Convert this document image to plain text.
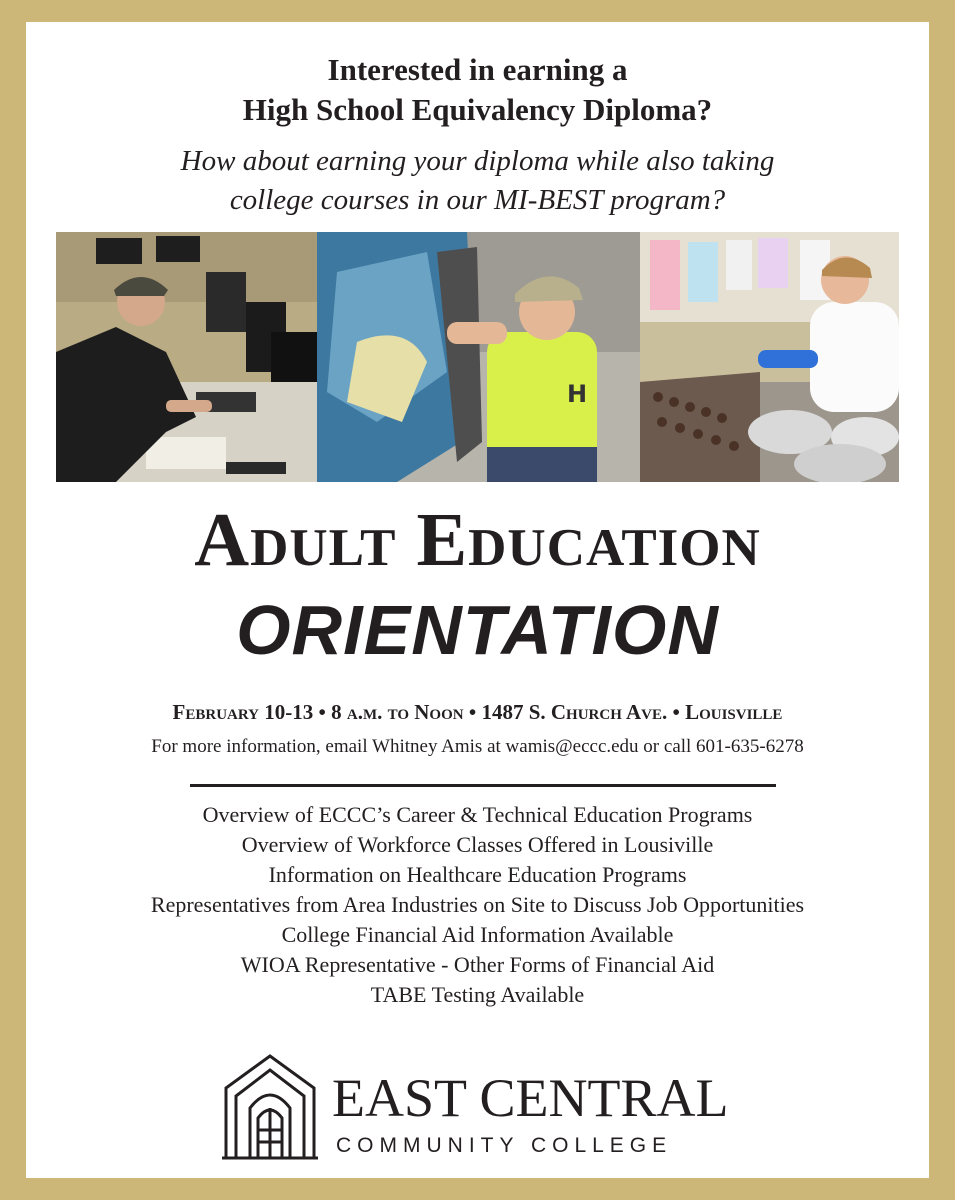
Interested in earning a
High School Equivalency Diploma?
How about earning your diploma while also taking
college courses in our MI-BEST program?
H
Adult Education
ORIENTATION
February 10-13 • 8 a.m. to Noon • 1487 S. Church Ave. • Louisville
For more information, email Whitney Amis at wamis@eccc.edu or call 601-635-6278
Overview of ECCC’s Career & Technical Education Programs
Overview of Workforce Classes Offered in Lousiville
Information on Healthcare Education Programs
Representatives from Area Industries on Site to Discuss Job Opportunities
College Financial Aid Information Available
WIOA Representative - Other Forms of Financial Aid
TABE Testing Available
EAST CENTRAL
COMMUNITY COLLEGE
